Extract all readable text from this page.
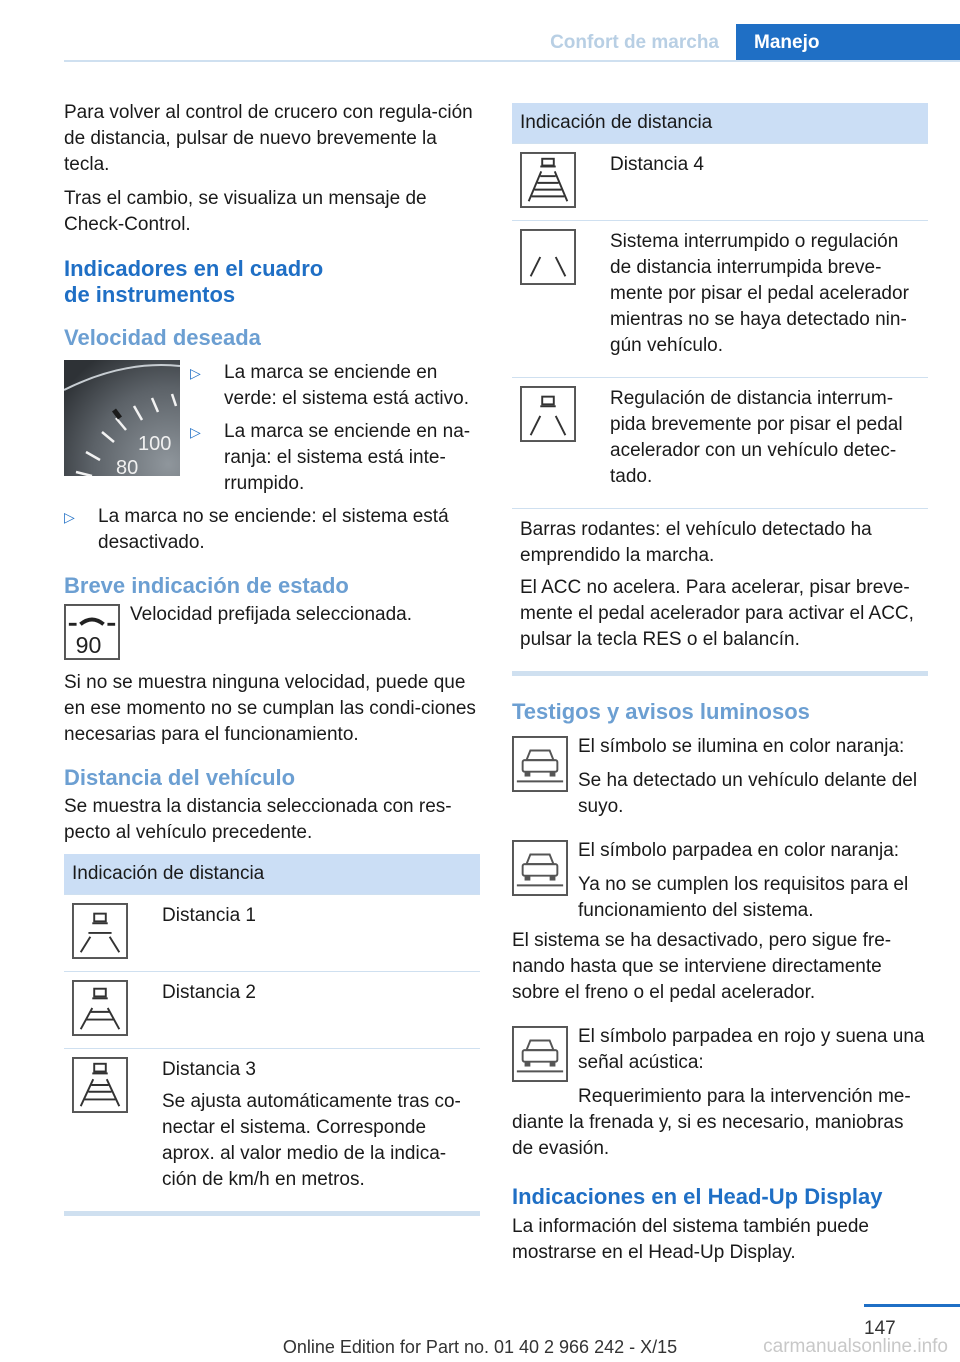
Confort de marcha	Manejo

Para volver al control de crucero con regula-ción de distancia, pulsar de nuevo brevemente la tecla.

Tras el cambio, se visualiza un mensaje de Check-Control.

Indicadores en el cuadro de instrumentos
Velocidad deseada
100
80
▷	La marca se enciende en verde: el sistema está activo.
▷	La marca se enciende en na-ranja: el sistema está inte-rrumpido.
▷	La marca no se enciende: el sistema está desactivado.
Breve indicación de estado
90

Velocidad prefijada seleccionada.

Si no se muestra ninguna velocidad, puede que en ese momento no se cumplan las condi-ciones necesarias para el funcionamiento.

Distancia del vehículo

Se muestra la distancia seleccionada con res-pecto al vehículo precedente.

Indicación de distancia	

Distancia 1

Distancia 2

Distancia 3

Se ajusta automáticamente tras co-nectar el sistema. Corresponde aprox. al valor medio de la indica-ción de km/h en metros.

Indicación de distancia	

Distancia 4

Sistema interrumpido o regulación de distancia interrumpida breve-mente por pisar el pedal acelerador mientras no se haya detectado nin-gún vehículo.

Regulación de distancia interrum-pida brevemente por pisar el pedal acelerador con un vehículo detec-tado.

Barras rodantes: el vehículo detectado ha emprendido la marcha.

El ACC no acelera. Para acelerar, pisar breve-mente el pedal acelerador para activar el ACC, pulsar la tecla RES o el balancín.	

Testigos y avisos luminosos

El símbolo se ilumina en color naranja:

Se ha detectado un vehículo delante del suyo.

El símbolo parpadea en color naranja:

Ya no se cumplen los requisitos para el funcionamiento del sistema.

El sistema se ha desactivado, pero sigue fre-nando hasta que se interviene directamente sobre el freno o el pedal acelerador.

El símbolo parpadea en rojo y suena una señal acústica:

Requerimiento para la intervención me-

diante la frenada y, si es necesario, maniobras de evasión.

Indicaciones en el Head-Up Display

La información del sistema también puede mostrarse en el Head-Up Display.

147
Online Edition for Part no. 01 40 2 966 242 - X/15	carmanualsonline.info
